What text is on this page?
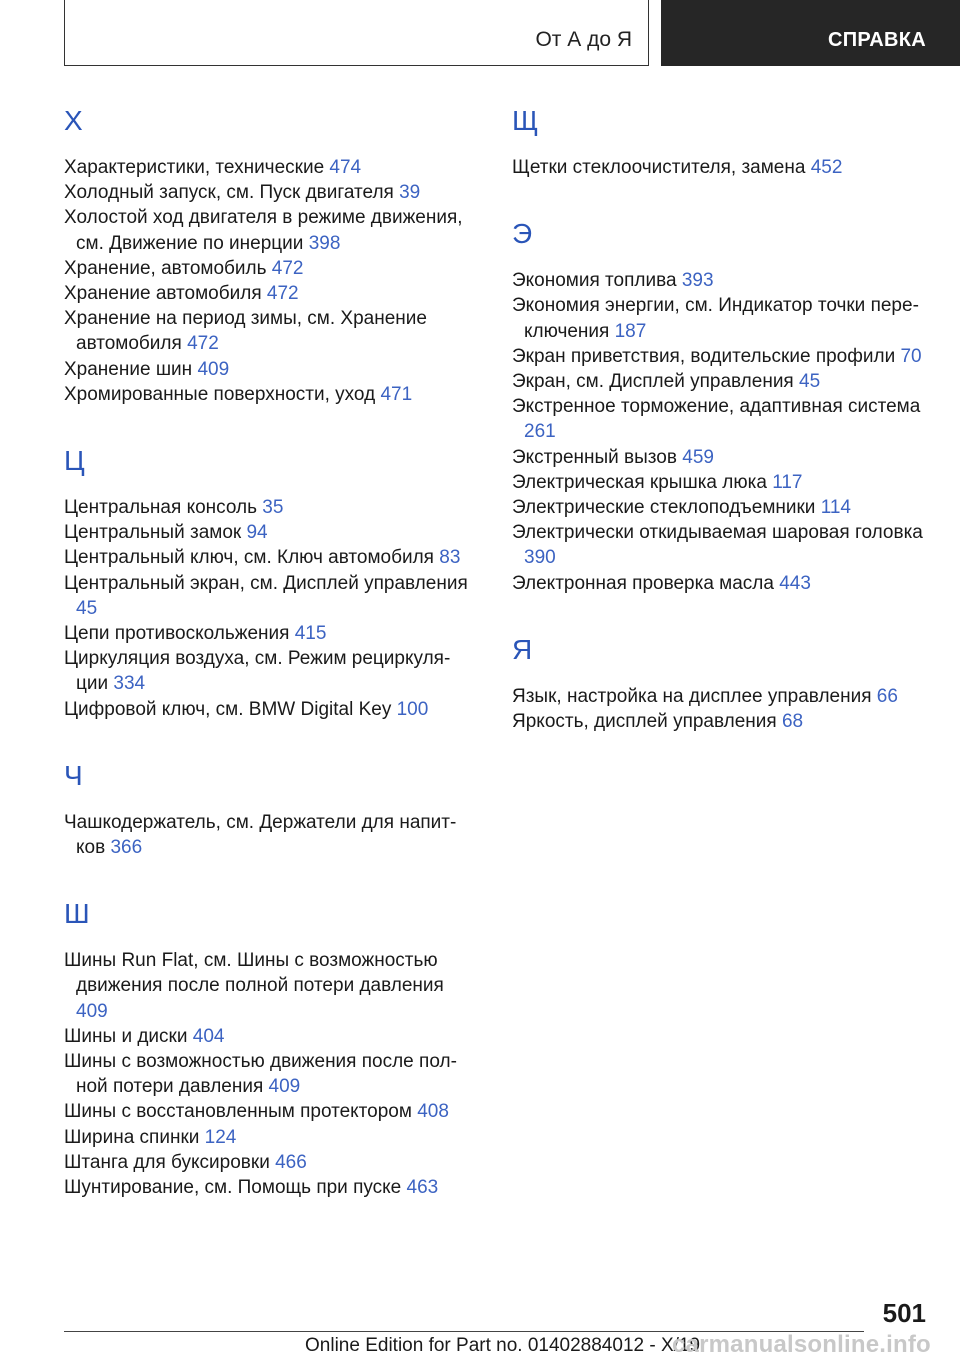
От А до Я	СПРАВКА
Х
Характеристики, технические 474
Холодный запуск, см. Пуск двигателя 39
Холостой ход двигателя в режиме движения, см. Движение по инерции 398
Хранение, автомобиль 472
Хранение автомобиля 472
Хранение на период зимы, см. Хранение автомобиля 472
Хранение шин 409
Хромированные поверхности, уход 471
Ц
Центральная консоль 35
Центральный замок 94
Центральный ключ, см. Ключ автомобиля 83
Центральный экран, см. Дисплей управления 45
Цепи противоскольжения 415
Циркуляция воздуха, см. Режим рециркуляции 334
Цифровой ключ, см. BMW Digital Key 100
Ч
Чашкодержатель, см. Держатели для напитков 366
Ш
Шины Run Flat, см. Шины с возможностью движения после полной потери давления 409
Шины и диски 404
Шины с возможностью движения после полной потери давления 409
Шины с восстановленным протектором 408
Ширина спинки 124
Штанга для буксировки 466
Шунтирование, см. Помощь при пуске 463
Щ
Щетки стеклоочистителя, замена 452
Э
Экономия топлива 393
Экономия энергии, см. Индикатор точки переключения 187
Экран приветствия, водительские профили 70
Экран, см. Дисплей управления 45
Экстренное торможение, адаптивная система 261
Экстренный вызов 459
Электрическая крышка люка 117
Электрические стеклоподъемники 114
Электрически откидываемая шаровая головка 390
Электронная проверка масла 443
Я
Язык, настройка на дисплее управления 66
Яркость, дисплей управления 68
501
Online Edition for Part no. 01402884012 - X/19
carmanualsonline.info
